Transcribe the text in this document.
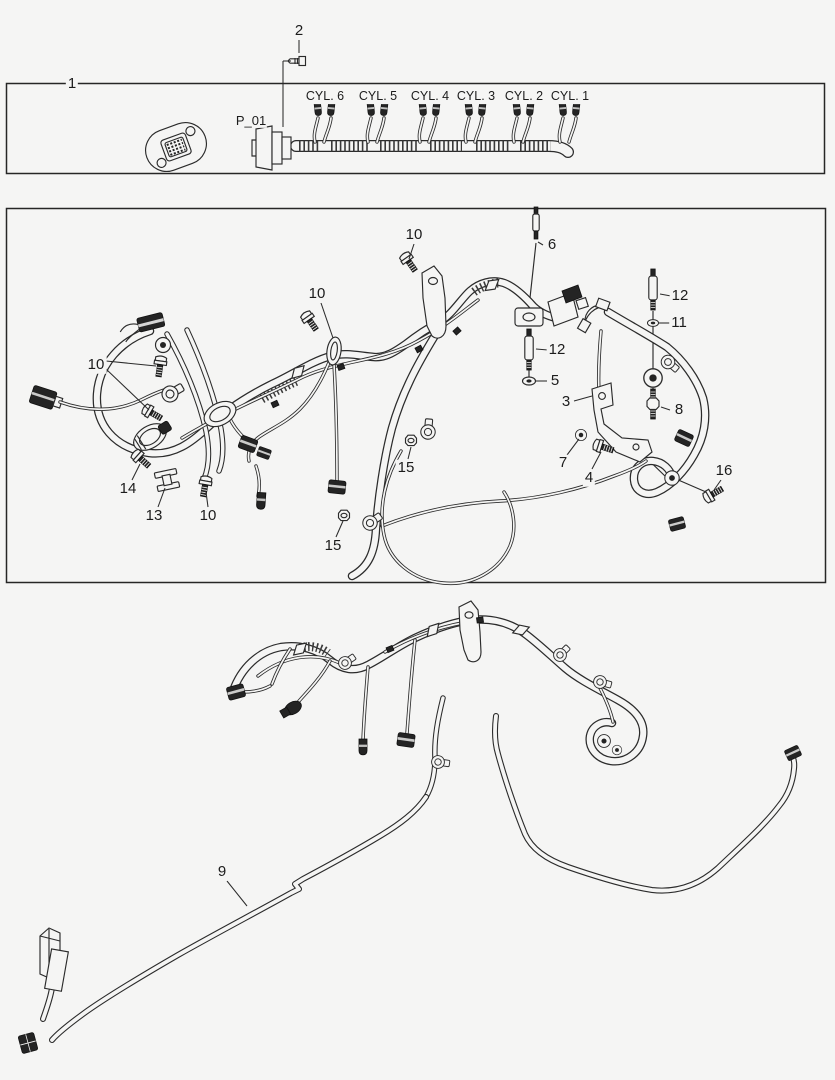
1
2
P_01
CYL. 6 CYL. 5 CYL. 4 CYL. 3 CYL. 2 CYL. 1
10
6
12
11
12
5
10
10
14
13 10
15
15
3	8
7
4	16
9
